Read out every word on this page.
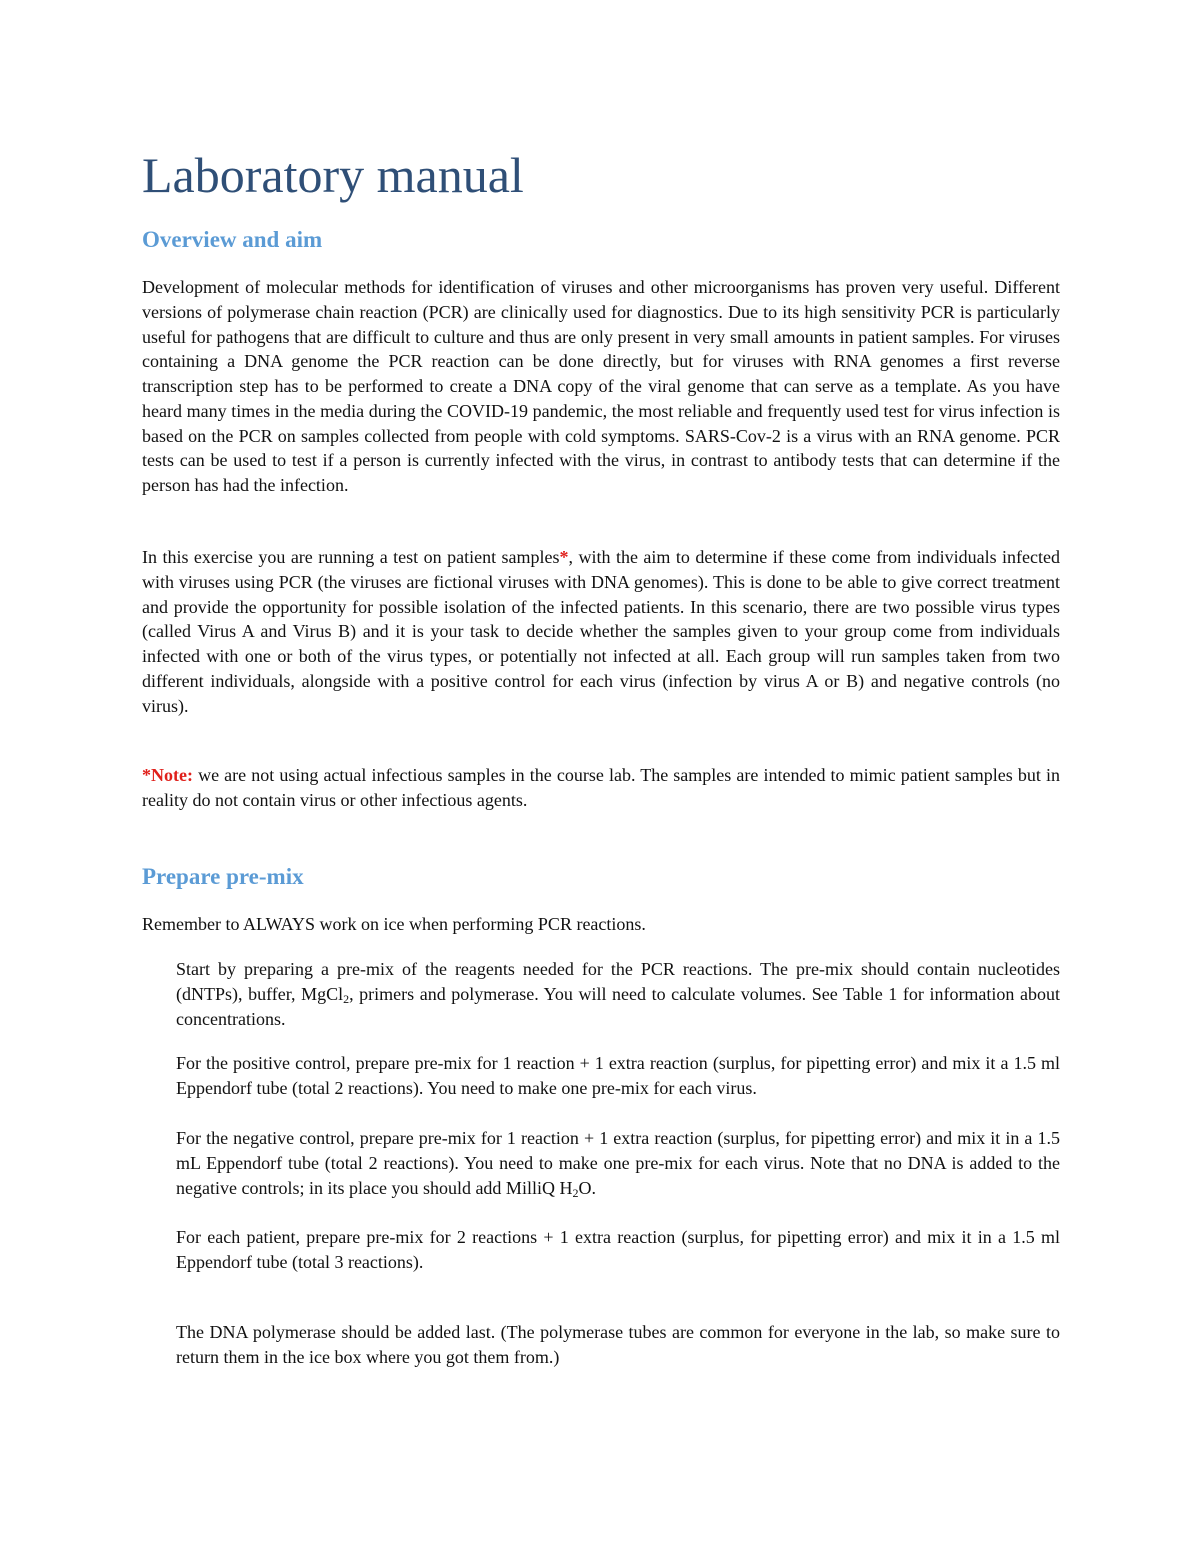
Laboratory manual
Overview and aim

Development of molecular methods for identification of viruses and other microorganisms has proven very useful. Different versions of polymerase chain reaction (PCR) are clinically used for diagnostics. Due to its high sensitivity PCR is particularly useful for pathogens that are difficult to culture and thus are only present in very small amounts in patient samples. For viruses containing a DNA genome the PCR reaction can be done directly, but for viruses with RNA genomes a first reverse transcription step has to be performed to create a DNA copy of the viral genome that can serve as a template. As you have heard many times in the media during the COVID-19 pandemic, the most reliable and frequently used test for virus infection is based on the PCR on samples collected from people with cold symptoms. SARS-Cov-2 is a virus with an RNA genome. PCR tests can be used to test if a person is currently infected with the virus, in contrast to antibody tests that can determine if the person has had the infection.

In this exercise you are running a test on patient samples*, with the aim to determine if these come from individuals infected with viruses using PCR (the viruses are fictional viruses with DNA genomes). This is done to be able to give correct treatment and provide the opportunity for possible isolation of the infected patients. In this scenario, there are two possible virus types (called Virus A and Virus B) and it is your task to decide whether the samples given to your group come from individuals infected with one or both of the virus types, or potentially not infected at all. Each group will run samples taken from two different individuals, alongside with a positive control for each virus (infection by virus A or B) and negative controls (no virus).

*Note: we are not using actual infectious samples in the course lab. The samples are intended to mimic patient samples but in reality do not contain virus or other infectious agents.

Prepare pre-mix

Remember to ALWAYS work on ice when performing PCR reactions.

Start by preparing a pre-mix of the reagents needed for the PCR reactions. The pre-mix should contain nucleotides (dNTPs), buffer, MgCl$_2$, primers and polymerase. You will need to calculate volumes. See Table 1 for information about concentrations.

For the positive control, prepare pre-mix for 1 reaction + 1 extra reaction (surplus, for pipetting error) and mix it a 1.5 ml Eppendorf tube (total 2 reactions). You need to make one pre-mix for each virus.

For the negative control, prepare pre-mix for 1 reaction + 1 extra reaction (surplus, for pipetting error) and mix it in a 1.5 mL Eppendorf tube (total 2 reactions). You need to make one pre-mix for each virus. Note that no DNA is added to the negative controls; in its place you should add MilliQ $H_2O$.

For each patient, prepare pre-mix for 2 reactions + 1 extra reaction (surplus, for pipetting error) and mix it in a 1.5 ml Eppendorf tube (total 3 reactions).

The DNA polymerase should be added last. (The polymerase tubes are common for everyone in the lab, so make sure to return them in the ice box where you got them from.)
